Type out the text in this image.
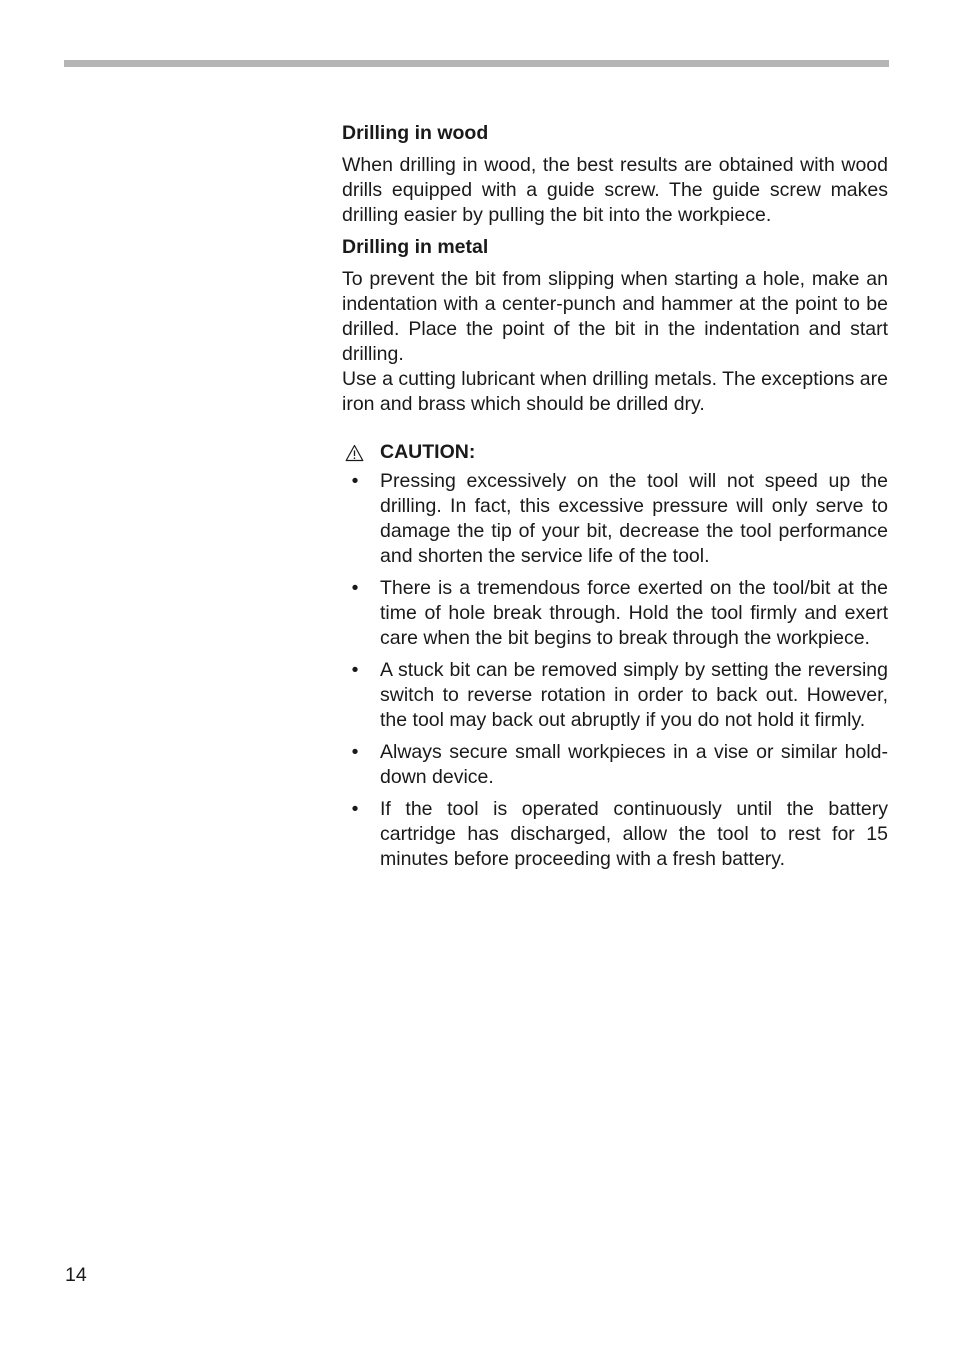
Drilling in wood

When drilling in wood, the best results are obtained with wood drills equipped with a guide screw. The guide screw makes drilling easier by pulling the bit into the workpiece.

Drilling in metal

To prevent the bit from slipping when starting a hole, make an indentation with a center-punch and hammer at the point to be drilled. Place the point of the bit in the indentation and start drilling.

Use a cutting lubricant when drilling metals. The exceptions are iron and brass which should be drilled dry.

CAUTION:
• Pressing excessively on the tool will not speed up the drilling. In fact, this excessive pressure will only serve to damage the tip of your bit, decrease the tool performance and shorten the service life of the tool.
• There is a tremendous force exerted on the tool/bit at the time of hole break through. Hold the tool firmly and exert care when the bit begins to break through the workpiece.
• A stuck bit can be removed simply by setting the reversing switch to reverse rotation in order to back out. However, the tool may back out abruptly if you do not hold it firmly.
• Always secure small workpieces in a vise or similar hold-down device.
• If the tool is operated continuously until the battery cartridge has discharged, allow the tool to rest for 15 minutes before proceeding with a fresh battery.
14
